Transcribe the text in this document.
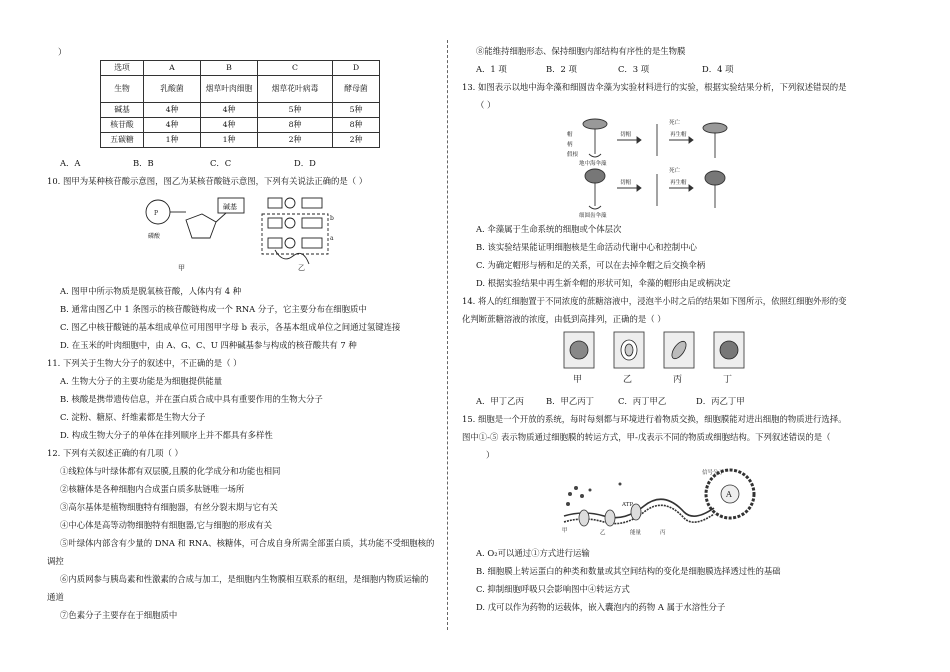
）
选项	A	B	C	D
生物	乳酸菌	烟草叶肉细胞	烟草花叶病毒	酵母菌
碱基	4种	4种	5种	5种
核苷酸	4种	4种	8种	8种
五碳糖	1种	1种	2种	2种
A．A	B．B	C．C	D．D
10. 图甲为某种核苷酸示意图，图乙为某核苷酸链示意图，下列有关说法正确的是（ ）
P
磷酸
碱基
b
a
甲	乙
A. 图甲中所示物质是脱氧核苷酸，人体内有 4 种
B. 通常由图乙中 1 条图示的核苷酸链构成一个 RNA 分子，它主要分布在细胞质中
C. 图乙中核苷酸链的基本组成单位可用图甲字母 b 表示，各基本组成单位之间通过氢键连接
D. 在玉米的叶肉细胞中，由 A、G、C、U 四种碱基参与构成的核苷酸共有 7 种
11. 下列关于生物大分子的叙述中，不正确的是（ ）
A. 生物大分子的主要功能是为细胞提供能量
B. 核酸是携带遗传信息，并在蛋白质合成中具有重要作用的生物大分子
C. 淀粉、糖原、纤维素都是生物大分子
D. 构成生物大分子的单体在排列顺序上并不都具有多样性
12. 下列有关叙述正确的有几项（ ）
①线粒体与叶绿体都有双层膜,且膜的化学成分和功能也相同
②核糖体是各种细胞内合成蛋白质多肽链唯一场所
③高尔基体是植物细胞特有细胞器，有丝分裂末期与它有关
④中心体是高等动物细胞特有细胞器,它与细胞的形成有关
⑤叶绿体内部含有少量的 DNA 和 RNA、核糖体，可合成自身所需全部蛋白质，其功能不受细胞核的
调控
⑥内质网参与胰岛素和性激素的合成与加工，是细胞内生物膜相互联系的枢纽，是细胞内物质运输的
通道
⑦色素分子主要存在于细胞质中
⑧能维持细胞形态、保持细胞内部结构有序性的是生物膜
A．1 项	B．2 项	C．3 项	D．4 项
13. 如图表示以地中海伞藻和细圆齿伞藻为实验材料进行的实验，根据实验结果分析，下列叙述错误的是
（ ）
帽
柄
假根
地中海伞藻
细圆齿伞藻
切帽
切帽
再生帽
再生帽
死亡
死亡
A. 伞藻属于生命系统的细胞或个体层次
B. 该实验结果能证明细胞核是生命活动代谢中心和控制中心
C. 为确定帽形与柄和足的关系，可以在去掉伞帽之后交换伞柄
D. 根据实验结果中再生新伞帽的形状可知，伞藻的帽形由足或柄决定
14. 将人的红细胞置于不同浓度的蔗糖溶液中，浸泡半小时之后的结果如下图所示，依照红细胞外形的变
化判断蔗糖溶液的浓度，由低到高排列，正确的是（ ）
甲	乙	丙	丁
A．甲丁乙丙	B．甲乙丙丁	C．丙丁甲乙	D．丙乙丁甲
15. 细胞是一个开放的系统，每时每刻都与环境进行着物质交换，细胞膜能对进出细胞的物质进行选择。
图中①-⑤ 表示物质通过细胞膜的转运方式，甲-戊表示不同的物质或细胞结构。下列叙述错误的是（
）
A
信号分子
ATP
能量
甲	乙	丙
A. O₂可以通过①方式进行运输
B. 细胞膜上转运蛋白的种类和数量或其空间结构的变化是细胞膜选择透过性的基础
C. 抑制细胞呼吸只会影响图中④转运方式
D. 戊可以作为药物的运载体，嵌入囊泡内的药物 A 属于水溶性分子
